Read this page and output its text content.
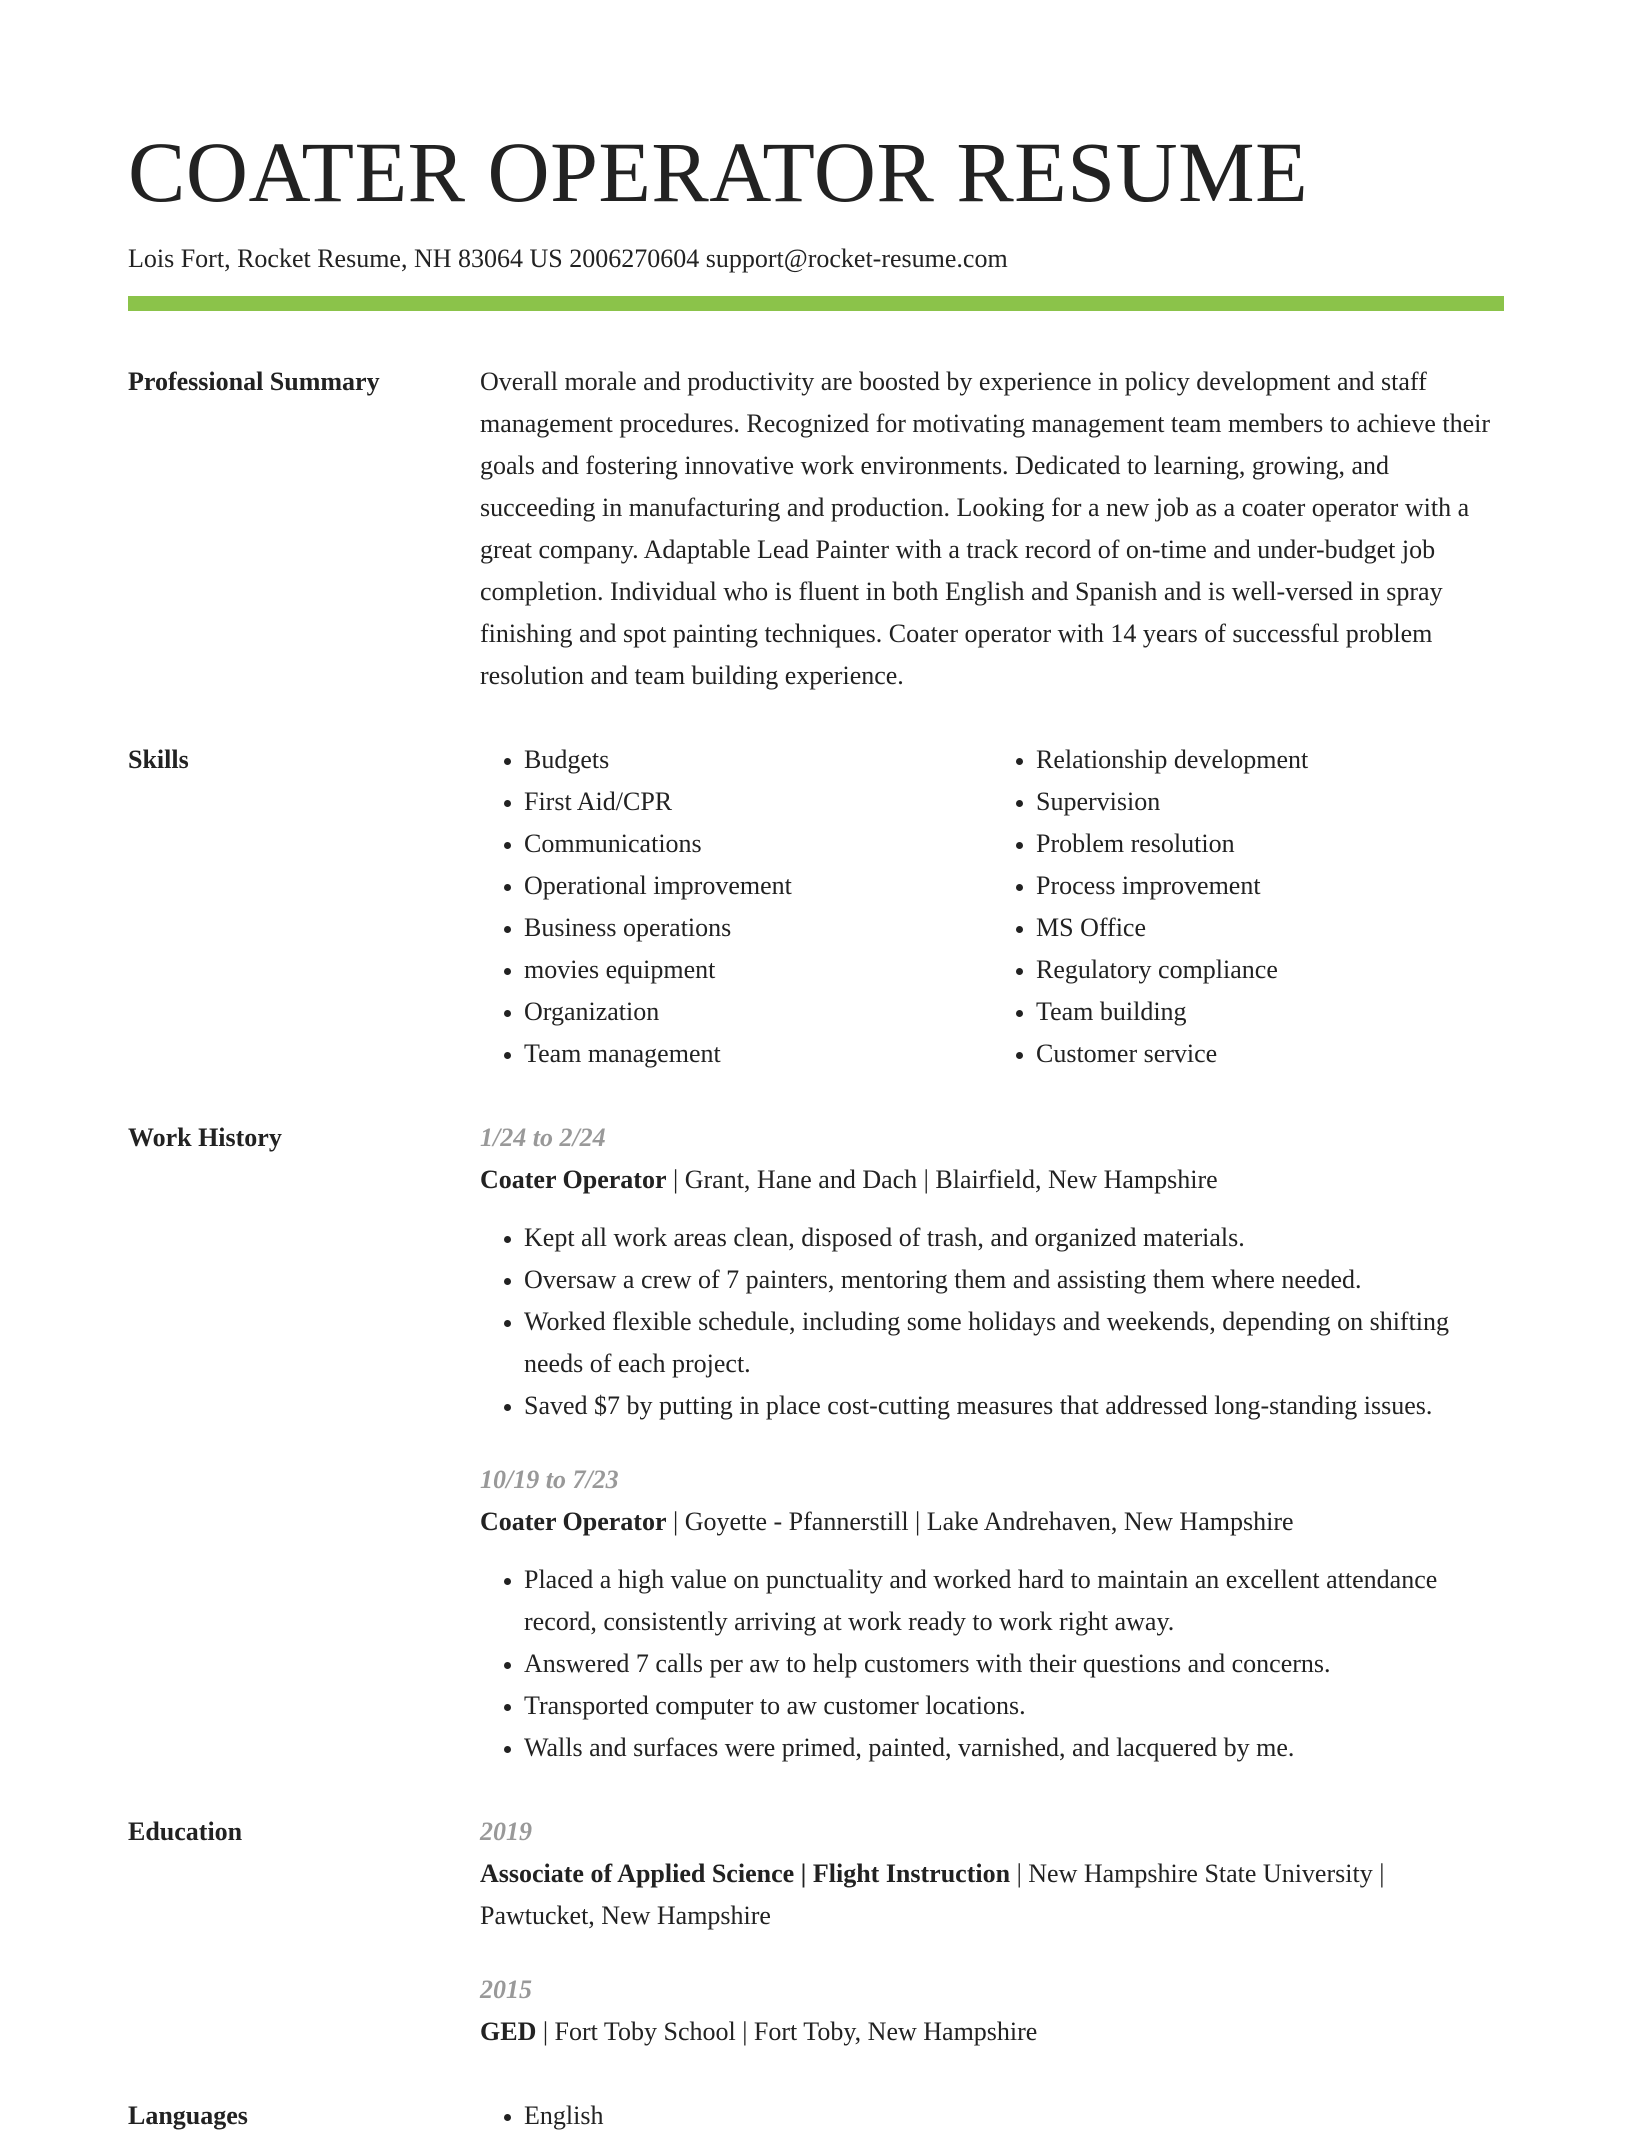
COATER OPERATOR RESUME
Lois Fort, Rocket Resume, NH 83064 US 2006270604 support@rocket-resume.com
Professional Summary	Overall morale and productivity are boosted by experience in policy development and staff management procedures. Recognized for motivating management team members to achieve their goals and fostering innovative work environments. Dedicated to learning, growing, and succeeding in manufacturing and production. Looking for a new job as a coater operator with a great company. Adaptable Lead Painter with a track record of on-time and under-budget job completion. Individual who is fluent in both English and Spanish and is well-versed in spray finishing and spot painting techniques. Coater operator with 14 years of successful problem resolution and team building experience.

Skills	• Budgets
• First Aid/CPR
• Communications
• Operational improvement
• Business operations
• movies equipment
• Organization
• Team management
• Relationship development
• Supervision
• Problem resolution
• Process improvement
• MS Office
• Regulatory compliance
• Team building
• Customer service
Work History	1/24 to 2/24
Coater Operator | Grant, Hane and Dach | Blairfield, New Hampshire
• Kept all work areas clean, disposed of trash, and organized materials.
• Oversaw a crew of 7 painters, mentoring them and assisting them where needed.
• Worked flexible schedule, including some holidays and weekends, depending on shifting needs of each project.
• Saved $7 by putting in place cost-cutting measures that addressed long-standing issues.
10/19 to 7/23
Coater Operator | Goyette - Pfannerstill | Lake Andrehaven, New Hampshire
• Placed a high value on punctuality and worked hard to maintain an excellent attendance record, consistently arriving at work ready to work right away.
• Answered 7 calls per aw to help customers with their questions and concerns.
• Transported computer to aw customer locations.
• Walls and surfaces were primed, painted, varnished, and lacquered by me.
Education	2019
Associate of Applied Science | Flight Instruction | New Hampshire State University | Pawtucket, New Hampshire
2015
GED | Fort Toby School | Fort Toby, New Hampshire
Languages	• English
